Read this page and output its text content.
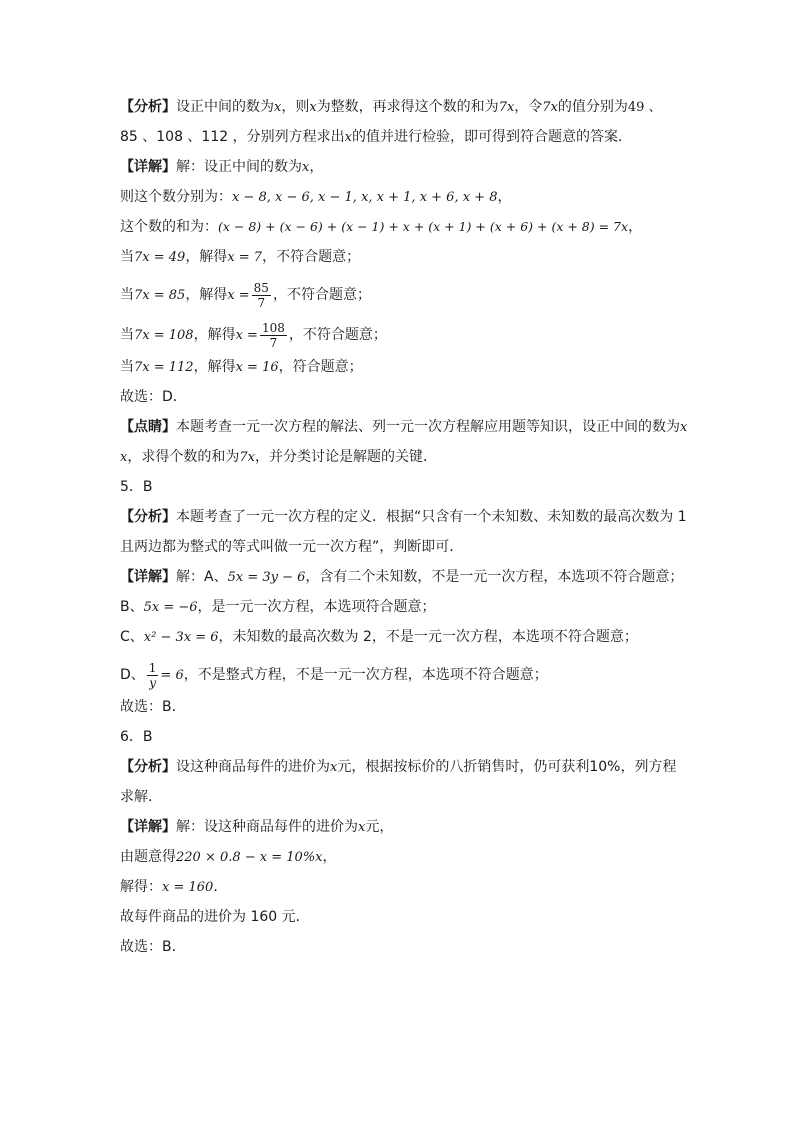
【分析】设正中间的数为x，则x为整数，再求得这个数的和为7x，令7x的值分别为49 、
85 、108 、112 ，分别列方程求出x的值并进行检验，即可得到符合题意的答案．
【详解】解：设正中间的数为x，
则这个数分别为：x − 8, x − 6, x − 1, x, x + 1, x + 6, x + 8，
这个数的和为：(x − 8) + (x − 6) + (x − 1) + x + (x + 1) + (x + 6) + (x + 8) = 7x，
当7x = 49，解得x = 7，不符合题意；
当7x = 85，解得$x = \frac{85}{7}$ ，不符合题意；
当7x = 108，解得$x = \frac{108}{7}$ ，不符合题意；
当7x = 112，解得x = 16，符合题意；
故选：D．
【点睛】本题考查一元一次方程的解法、列一元一次方程解应用题等知识，设正中间的数为x
x，求得个数的和为7x，并分类讨论是解题的关键．
5．B
【分析】本题考查了一元一次方程的定义．根据“只含有一个未知数、未知数的最高次数为 1
且两边都为整式的等式叫做一元一次方程”，判断即可．
【详解】解：A、5x = 3y − 6，含有二个未知数，不是一元一次方程，本选项不符合题意；
B、5x = −6，是一元一次方程，本选项符合题意；
C、x² − 3x = 6，未知数的最高次数为 2，不是一元一次方程，本选项不符合题意；
D、 $\frac{1}{y} = 6$，不是整式方程，不是一元一次方程，本选项不符合题意；
故选：B．
6．B
【分析】设这种商品每件的进价为x元，根据按标价的八折销售时，仍可获利10%，列方程
求解．
【详解】解：设这种商品每件的进价为x元，
由题意得220 × 0.8 − x = 10%x，
解得：x = 160．
故每件商品的进价为 160 元．
故选：B．
